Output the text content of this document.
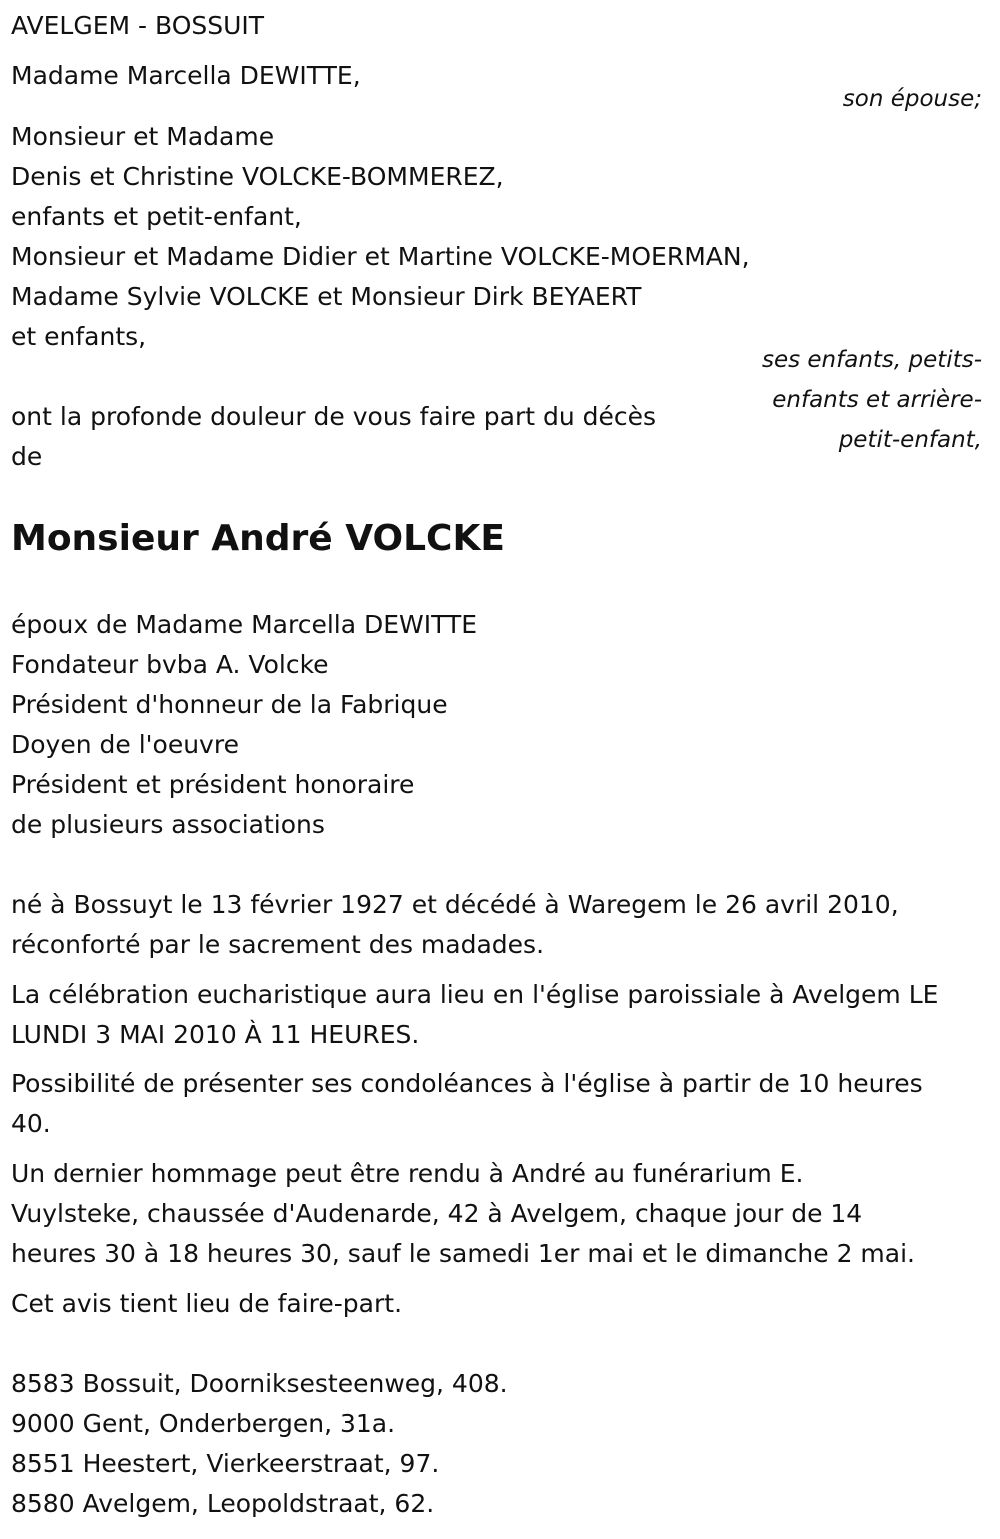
AVELGEM - BOSSUIT
Madame Marcella DEWITTE,
son épouse;
Monsieur et Madame
Denis et Christine VOLCKE-BOMMEREZ,
enfants et petit-enfant,
Monsieur et Madame Didier et Martine VOLCKE-MOERMAN,
Madame Sylvie VOLCKE et Monsieur Dirk BEYAERT
et enfants,
ses enfants, petits-
enfants et arrière-
petit-enfant,
ont la profonde douleur de vous faire part du décès
de
Monsieur André VOLCKE
époux de Madame Marcella DEWITTE
Fondateur bvba A. Volcke
Président d'honneur de la Fabrique
Doyen de l'oeuvre
Président et président honoraire
de plusieurs associations
né à Bossuyt le 13 février 1927 et décédé à Waregem le 26 avril 2010,
réconforté par le sacrement des madades.
La célébration eucharistique aura lieu en l'église paroissiale à Avelgem LE
LUNDI 3 MAI 2010 À 11 HEURES.
Possibilité de présenter ses condoléances à l'église à partir de 10 heures
40.
Un dernier hommage peut être rendu à André au funérarium E.
Vuylsteke, chaussée d'Audenarde, 42 à Avelgem, chaque jour de 14
heures 30 à 18 heures 30, sauf le samedi 1er mai et le dimanche 2 mai.
Cet avis tient lieu de faire-part.
8583 Bossuit, Doorniksesteenweg, 408.
9000 Gent, Onderbergen, 31a.
8551 Heestert, Vierkeerstraat, 97.
8580 Avelgem, Leopoldstraat, 62.
